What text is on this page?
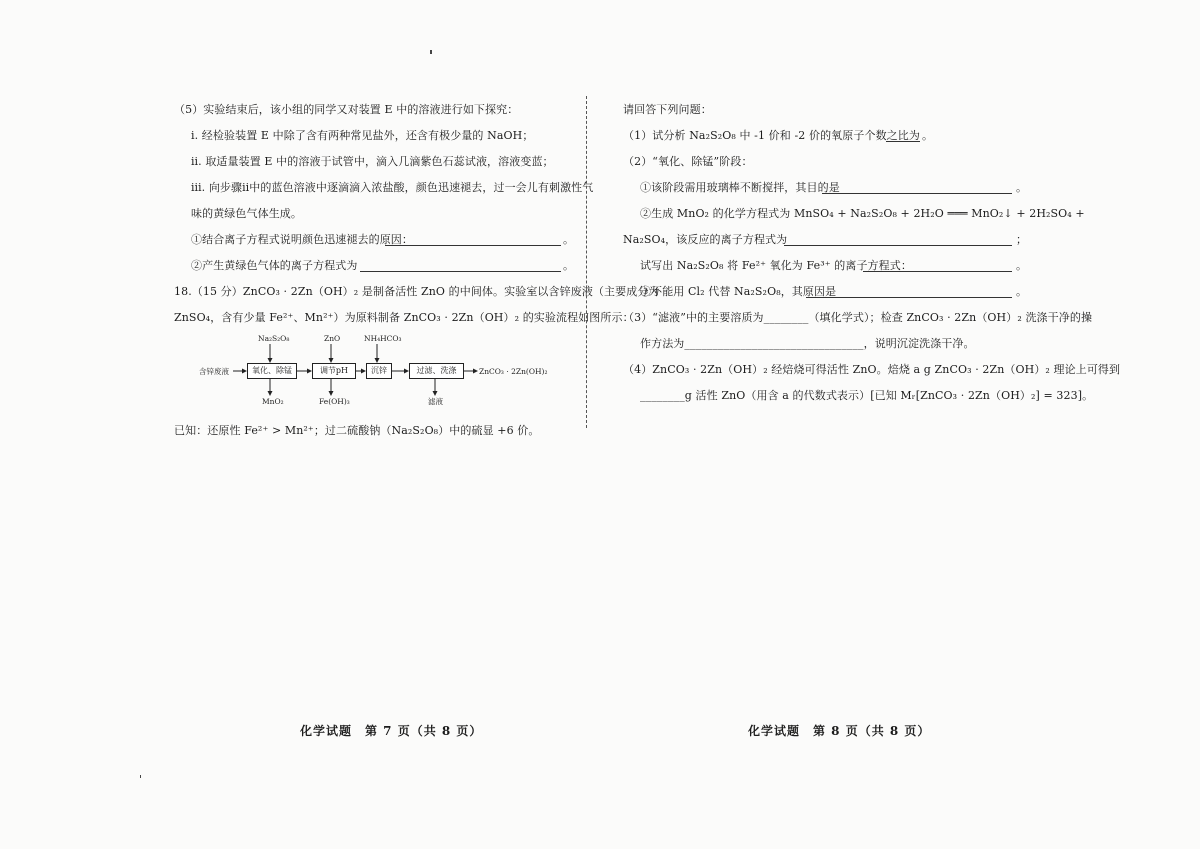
（5）实验结束后，该小组的同学又对装置 E 中的溶液进行如下探究：
ⅰ. 经检验装置 E 中除了含有两种常见盐外，还含有极少量的 NaOH；
ⅱ. 取适量装置 E 中的溶液于试管中，滴入几滴紫色石蕊试液，溶液变蓝；
ⅲ. 向步骤ⅱ中的蓝色溶液中逐滴滴入浓盐酸，颜色迅速褪去，过一会儿有刺激性气
味的黄绿色气体生成。
①结合离子方程式说明颜色迅速褪去的原因：	。
②产生黄绿色气体的离子方程式为	。
18.（15 分）ZnCO₃ · 2Zn（OH）₂ 是制备活性 ZnO 的中间体。实验室以含锌废液（主要成分为
ZnSO₄，含有少量 Fe²⁺、Mn²⁺）为原料制备 ZnCO₃ · 2Zn（OH）₂ 的实验流程如图所示：
含锌废液	氧化、除锰	调节pH	沉锌	过滤、洗涤
Na₂S₂O₈	ZnO	NH₄HCO₃
MnO₂	Fe(OH)₃	滤液
ZnCO₃ · 2Zn(OH)₂
已知：还原性 Fe²⁺ > Mn²⁺；过二硫酸钠（Na₂S₂O₈）中的硫显 +6 价。
化学试题　第 7 页（共 8 页）
请回答下列问题：
（1）试分析 Na₂S₂O₈ 中 -1 价和 -2 价的氧原子个数之比为 。
（2）“氧化、除锰”阶段：
①该阶段需用玻璃棒不断搅拌，其目的是	。
②生成 MnO₂ 的化学方程式为 MnSO₄ + Na₂S₂O₈ + 2H₂O ═══ MnO₂↓ + 2H₂SO₄ +
Na₂SO₄，该反应的离子方程式为	；
试写出 Na₂S₂O₈ 将 Fe²⁺ 氧化为 Fe³⁺ 的离子方程式：	。
③不能用 Cl₂ 代替 Na₂S₂O₈，其原因是	。
（3）“滤液”中的主要溶质为________（填化学式）；检查 ZnCO₃ · 2Zn（OH）₂ 洗涤干净的操
作方法为________________________________，说明沉淀洗涤干净。
（4）ZnCO₃ · 2Zn（OH）₂ 经焙烧可得活性 ZnO。焙烧 a g ZnCO₃ · 2Zn（OH）₂ 理论上可得到
________g 活性 ZnO（用含 a 的代数式表示）[已知 Mᵣ[ZnCO₃ · 2Zn（OH）₂] = 323]。
化学试题　第 8 页（共 8 页）
